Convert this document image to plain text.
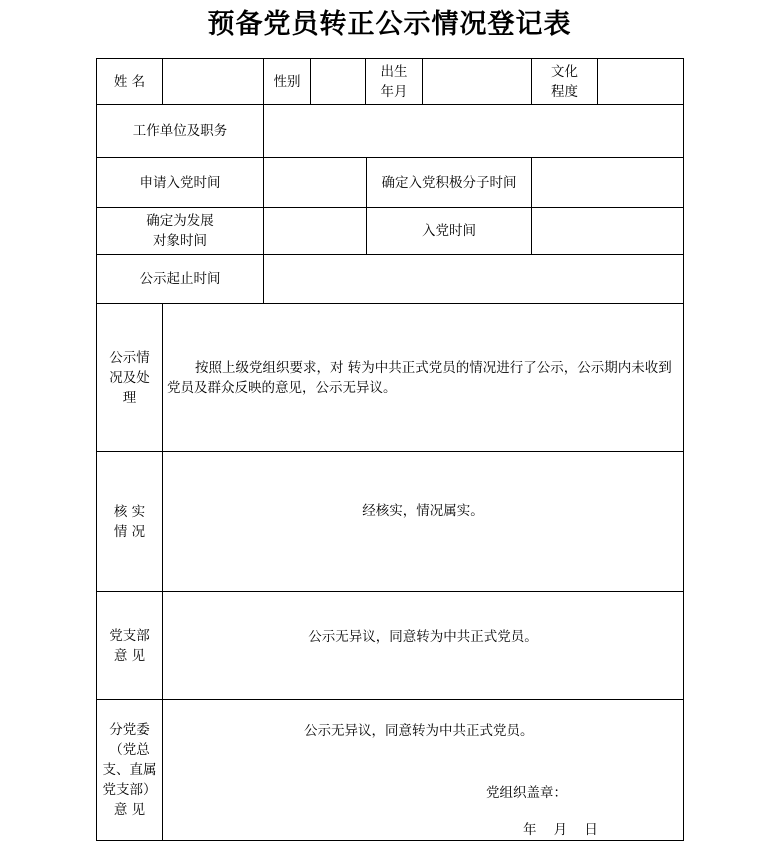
预备党员转正公示情况登记表
姓 名	性别
出生
年月
文化
程度
工作单位及职务
申请入党时间	确定入党积极分子时间
确定为发展
对象时间
入党时间
公示起止时间
公示情
况及处
理
按照上级党组织要求，对 转为中共正式党员的情况进行了公示，公示期内未收到党员及群众反映的意见，公示无异议。
核 实
情 况
经核实，情况属实。
党支部
意 见
公示无异议，同意转为中共正式党员。
分党委
（党总
支、直属
党支部）
意 见
公示无异议，同意转为中共正式党员。
党组织盖章：
年    月    日
